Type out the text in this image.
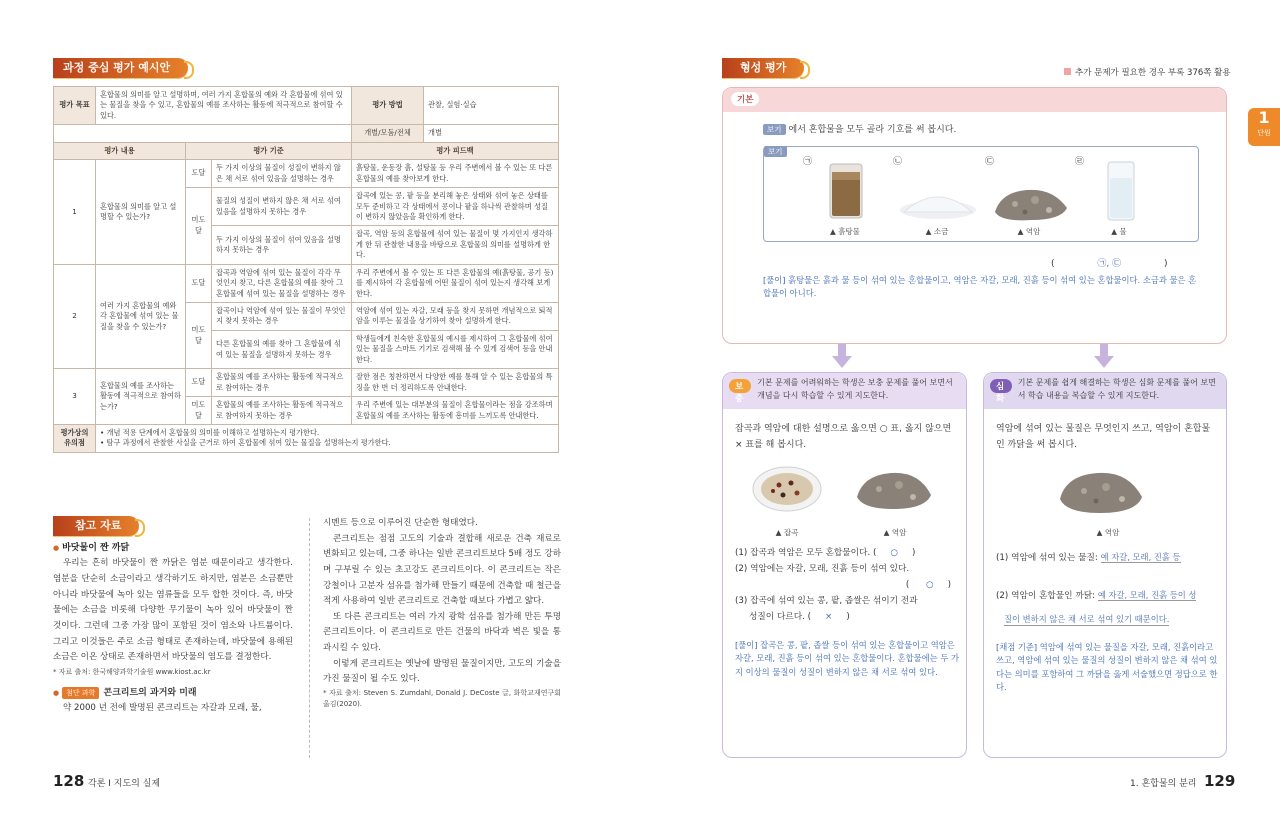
과정 중심 평가 예시안
평가 목표	혼합물의 의미를 알고 설명하며, 여러 가지 혼합물의 예와 각 혼합물에 섞여 있는 물질을 찾을 수 있고, 혼합물의 예를 조사하는 활동에 적극적으로 참여할 수 있다.			평가 방법	관찰, 실험·실습
				개별/모둠/전체	개별
평가 내용		평가 기준		평가 피드백	
1	혼합물의 의미를 알고 설명할 수 있는가?	도달	두 가지 이상의 물질이 성질이 변하지 않은 채 서로 섞여 있음을 설명하는 경우	흙탕물, 운동장 흙, 설탕물 등 우리 주변에서 볼 수 있는 또 다른 혼합물의 예를 찾아보게 한다.	
		미도달	물질의 성질이 변하지 않은 채 서로 섞여 있음을 설명하지 못하는 경우	잡곡에 있는 콩, 팥 등을 분리해 놓은 상태와 섞여 놓은 상태를 모두 준비하고 각 상태에서 콩이나 팥을 하나씩 관찰하며 성질이 변하지 않았음을 확인하게 한다.	
			두 가지 이상의 물질이 섞여 있음을 설명하지 못하는 경우	잡곡, 역암 등의 혼합물에 섞여 있는 물질이 몇 가지인지 생각하게 한 뒤 관찰한 내용을 바탕으로 혼합물의 의미를 설명하게 한다.	
2	여러 가지 혼합물의 예와 각 혼합물에 섞여 있는 물질을 찾을 수 있는가?	도달	잡곡과 역암에 섞여 있는 물질이 각각 무엇인지 찾고, 다른 혼합물의 예를 찾아 그 혼합물에 섞여 있는 물질을 설명하는 경우	우리 주변에서 볼 수 있는 또 다른 혼합물의 예(흙탕물, 공기 등)를 제시하여 각 혼합물에 어떤 물질이 섞여 있는지 생각해 보게 한다.	
		미도달	잡곡이나 역암에 섞여 있는 물질이 무엇인지 찾지 못하는 경우	역암에 섞여 있는 자갈, 모래 등을 찾지 못하면 개념적으로 퇴적암을 이루는 물질을 상기하여 찾아 설명하게 한다.	
			다른 혼합물의 예를 찾아 그 혼합물에 섞여 있는 물질을 설명하지 못하는 경우	학생들에게 친숙한 혼합물의 예시를 제시하여 그 혼합물에 섞여 있는 물질을 스마트 기기로 검색해 볼 수 있게 검색어 등을 안내한다.	
3	혼합물의 예를 조사하는 활동에 적극적으로 참여하는가?	도달	혼합물의 예를 조사하는 활동에 적극적으로 참여하는 경우	잘한 점은 칭찬하면서 다양한 예를 통해 알 수 있는 혼합물의 특징을 한 번 더 정리하도록 안내한다.	
		미도달	혼합물의 예를 조사하는 활동에 적극적으로 참여하지 못하는 경우	우리 주변에 있는 대부분의 물질이 혼합물이라는 점을 강조하며 혼합물의 예를 조사하는 활동에 흥미를 느끼도록 안내한다.	
평가상의 유의점	• 개념 적용 단계에서 혼합물의 의미를 이해하고 설명하는지 평가한다.
• 탐구 과정에서 관찰한 사실을 근거로 하여 혼합물에 섞여 있는 물질을 설명하는지 평가한다.				
참고 자료
● 바닷물이 짠 까닭
우리는 흔히 바닷물이 짠 까닭은 염분 때문이라고 생각한다. 염분을 단순히 소금이라고 생각하기도 하지만, 염분은 소금뿐만 아니라 바닷물에 녹아 있는 염류들을 모두 합한 것이다. 즉, 바닷물에는 소금을 비롯해 다양한 무기물이 녹아 있어 바닷물이 짠 것이다. 그런데 그중 가장 많이 포함된 것이 염소와 나트륨이다. 그리고 이것들은 주로 소금 형태로 존재하는데, 바닷물에 용해된 소금은 이온 상태로 존재하면서 바닷물의 염도를 결정한다.
* 자료 출처: 한국해양과학기술원 www.kiost.ac.kr
● 첨단 과학 콘크리트의 과거와 미래
약 2000 년 전에 발명된 콘크리트는 자갈과 모래, 물,
시멘트 등으로 이루어진 단순한 형태였다.
콘크리트는 점점 고도의 기술과 결합해 새로운 건축 재료로 변화되고 있는데, 그중 하나는 일반 콘크리트보다 5배 정도 강하며 구부릴 수 있는 초고강도 콘크리트이다. 이 콘크리트는 작은 강철이나 고분자 섬유를 첨가해 만들기 때문에 건축할 때 철근을 적게 사용하여 일반 콘크리트로 건축할 때보다 가볍고 얇다.
또 다른 콘크리트는 여러 가지 광학 섬유를 첨가해 만든 투명 콘크리트이다. 이 콘크리트로 만든 건물의 바닥과 벽은 빛을 통과시킬 수 있다.
이렇게 콘크리트는 옛날에 발명된 물질이지만, 고도의 기술을 가진 물질이 될 수도 있다.
* 자료 출처: Steven S. Zumdahl, Donald J. DeCoste 글, 화학교재연구회 옮김(2020).
128 각론 Ⅰ 지도의 실제
형성 평가	추가 문제가 필요한 경우 부록 376쪽 활용
1
단원
기본
보기 에서 혼합물을 모두 골라 기호를 써 봅시다.
보기
㉠	㉡	㉢	㉣
▲ 흙탕물	▲ 소금	▲ 역암	▲ 물
(	㉠, ㉢	)
[풀이] 흙탕물은 흙과 물 등이 섞여 있는 혼합물이고, 역암은 자갈, 모래, 진흙 등이 섞여 있는 혼합물이다. 소금과 물은 혼합물이 아니다.
보충
기본 문제를 어려워하는 학생은 보충 문제를 풀어 보면서 개념을 다시 학습할 수 있게 지도한다.
잡곡과 역암에 대한 설명으로 옳으면 ○ 표, 옳지 않으면 × 표를 해 봅시다.
▲ 잡곡	▲ 역암
(1) 잡곡과 역암은 모두 혼합물이다. ( ○ )
(2) 역암에는 자갈, 모래, 진흙 등이 섞여 있다.
( ○ )
(3) 잡곡에 섞여 있는 콩, 팥, 좁쌀은 섞이기 전과
성질이 다르다. ( × )
[풀이] 잡곡은 콩, 팥, 좁쌀 등이 섞여 있는 혼합물이고 역암은 자갈, 모래, 진흙 등이 섞여 있는 혼합물이다. 혼합물에는 두 가지 이상의 물질이 성질이 변하지 않은 채 서로 섞여 있다.
심화
기본 문제를 쉽게 해결하는 학생은 심화 문제를 풀어 보면서 학습 내용을 복습할 수 있게 지도한다.
역암에 섞여 있는 물질은 무엇인지 쓰고, 역암이 혼합물인 까닭을 써 봅시다.
▲ 역암
(1) 역암에 섞여 있는 물질: 예 자갈, 모래, 진흙 등
(2) 역암이 혼합물인 까닭: 예 자갈, 모래, 진흙 등이 성
질이 변하지 않은 채 서로 섞여 있기 때문이다.
[채점 기준] 역암에 섞여 있는 물질을 자갈, 모래, 진흙이라고 쓰고, 역암에 섞여 있는 물질의 성질이 변하지 않은 채 섞여 있다는 의미를 포함하여 그 까닭을 옳게 서술했으면 정답으로 한다.
1. 혼합물의 분리 129
